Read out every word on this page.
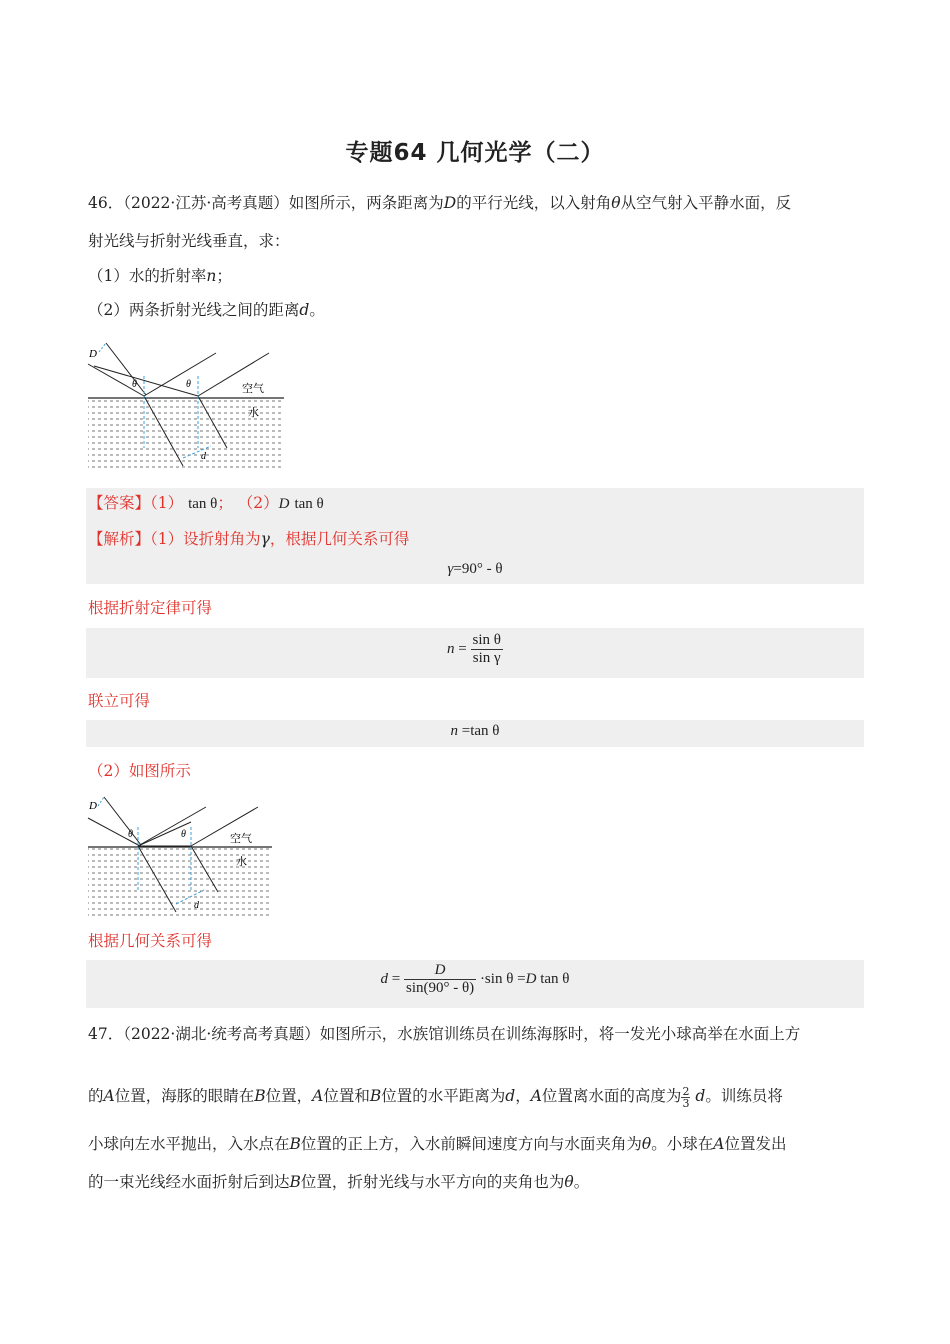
专题64 几何光学（二）
46．（2022·江苏·高考真题）如图所示，两条距离为D的平行光线，以入射角θ从空气射入平静水面，反
射光线与折射光线垂直，求：
（1）水的折射率n；
（2）两条折射光线之间的距离d。
D
θ	θ	空气
水
d
【答案】（1） tan θ； （2）D tan θ
【解析】（1）设折射角为γ，根据几何关系可得
γ=90° - θ
根据折射定律可得
$n = \frac{\text{sin θ}}{\text{sin γ}}$
联立可得
n =tan θ
（2）如图所示
D
θ	θ	空气
水
d
根据几何关系可得
$d = \frac{D}{\sin(90^\circ - \theta)} \cdot\sin$ θ =D tan θ
47．（2022·湖北·统考高考真题）如图所示，水族馆训练员在训练海豚时，将一发光小球高举在水面上方
的A位置，海豚的眼睛在B位置，A位置和B位置的水平距离为d，A位置离水面的高度为 $\frac{2}{3}$ d。训练员将
小球向左水平抛出，入水点在B位置的正上方，入水前瞬间速度方向与水面夹角为θ。小球在A位置发出
的一束光线经水面折射后到达B位置，折射光线与水平方向的夹角也为θ。
